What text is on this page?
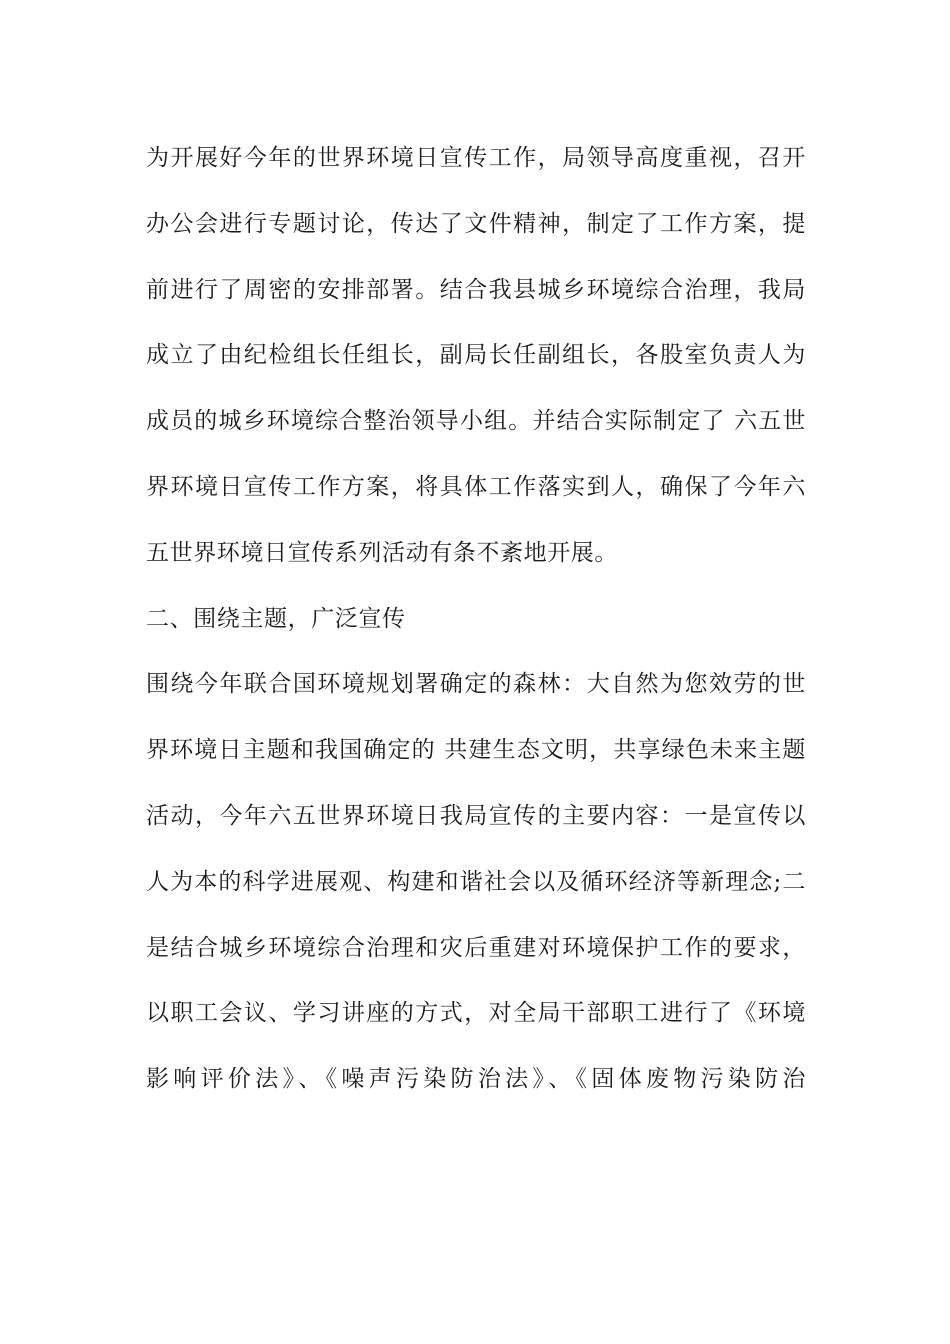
为开展好今年的世界环境日宣传工作，局领导高度重视，召开
办公会进行专题讨论，传达了文件精神，制定了工作方案，提
前进行了周密的安排部署。结合我县城乡环境综合治理，我局
成立了由纪检组长任组长，副局长任副组长，各股室负责人为
成员的城乡环境综合整治领导小组。并结合实际制定了 六五世
界环境日宣传工作方案，将具体工作落实到人，确保了今年六
五世界环境日宣传系列活动有条不紊地开展。
二、围绕主题，广泛宣传
围绕今年联合国环境规划署确定的森林：大自然为您效劳的世
界环境日主题和我国确定的 共建生态文明，共享绿色未来主题
活动，今年六五世界环境日我局宣传的主要内容：一是宣传以
人为本的科学进展观、构建和谐社会以及循环经济等新理念;二
是结合城乡环境综合治理和灾后重建对环境保护工作的要求，
以职工会议、学习讲座的方式，对全局干部职工进行了《环境
影响评价法》、《噪声污染防治法》、《固体废物污染防治
